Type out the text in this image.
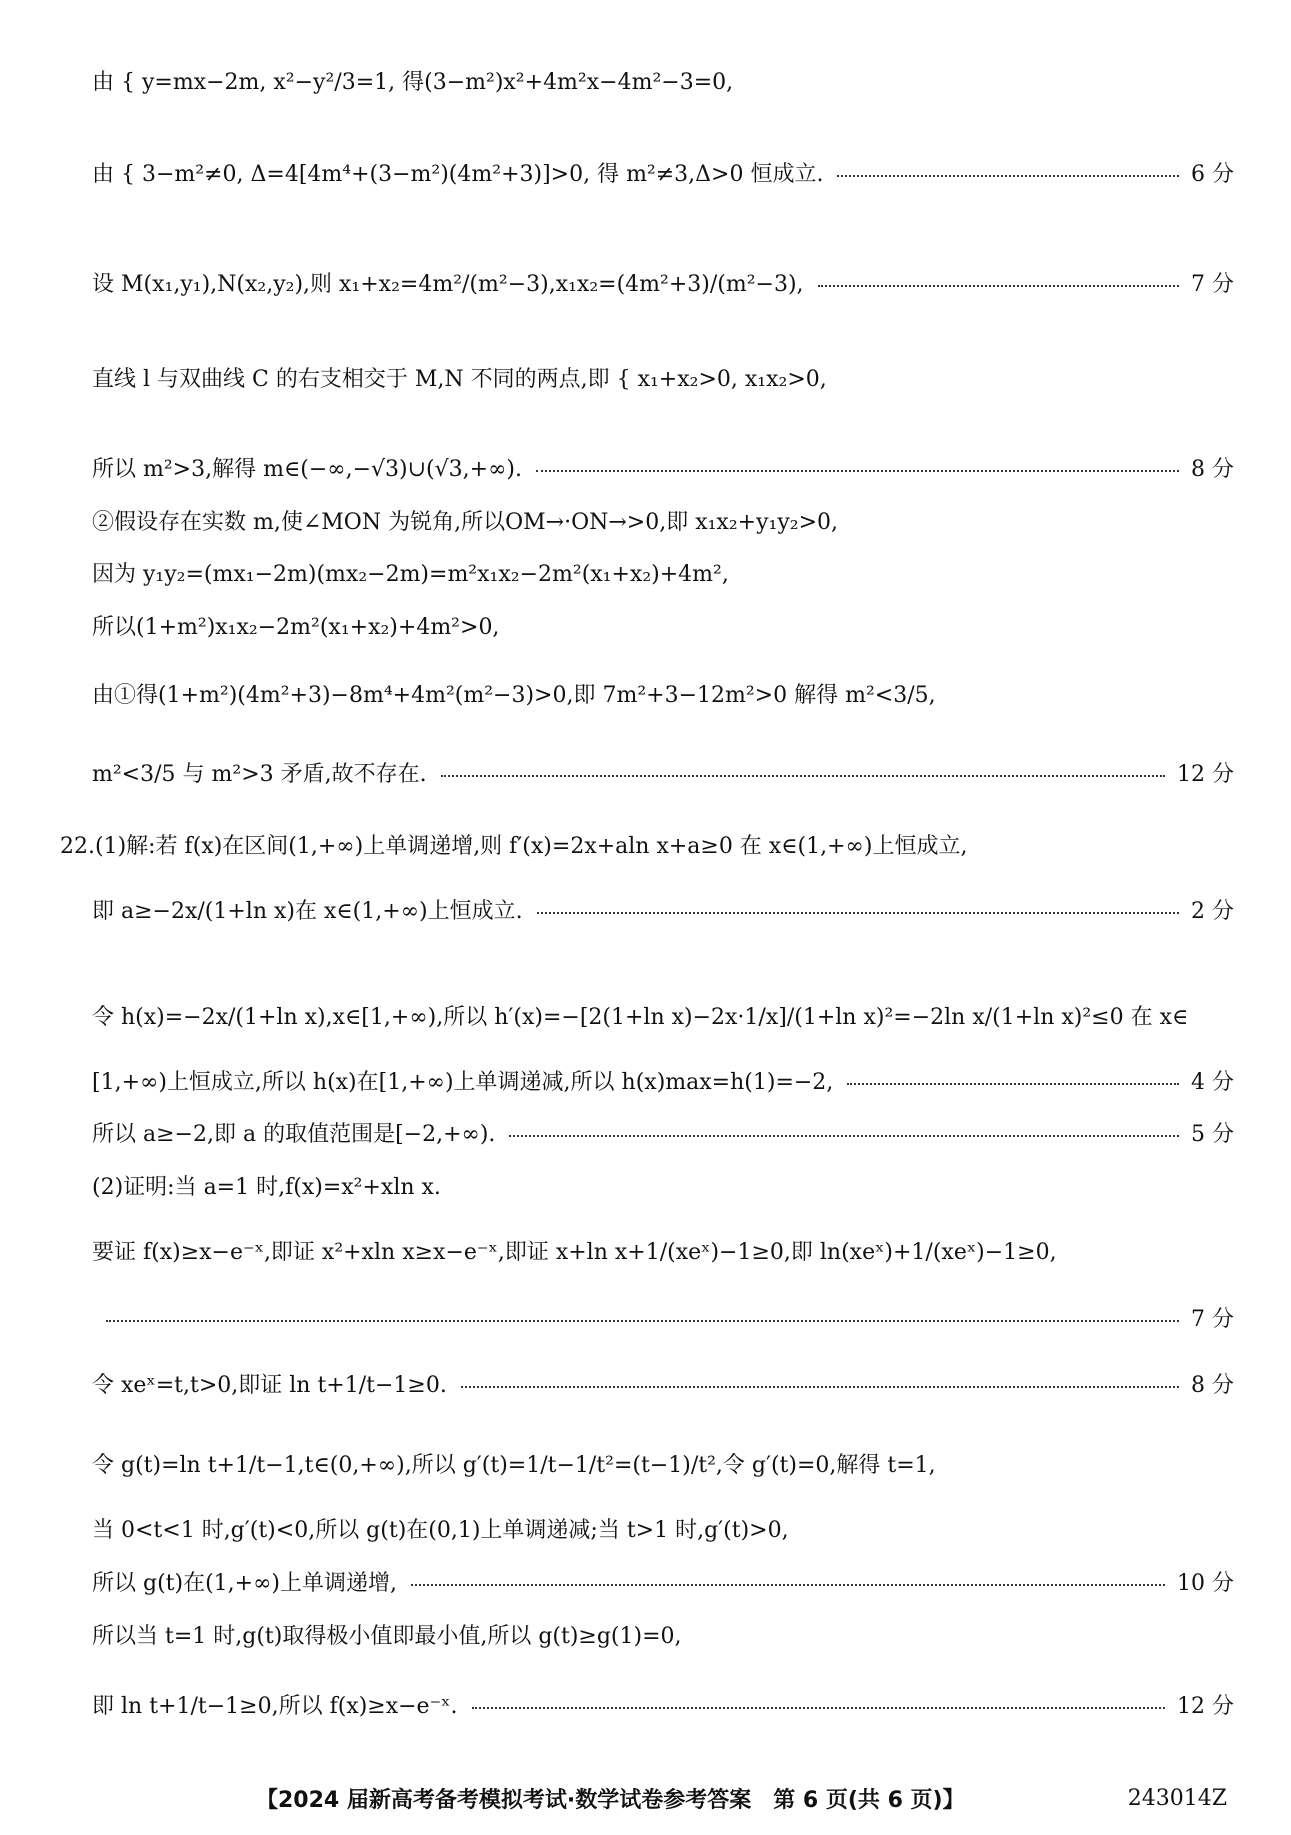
由 { y=mx−2m, x²−y²/3=1, 得(3−m²)x²+4m²x−4m²−3=0,
由 { 3−m²≠0, Δ=4[4m⁴+(3−m²)(4m²+3)]>0, 得 m²≠3,Δ>0 恒成立.	6 分
设 M(x₁,y₁),N(x₂,y₂),则 x₁+x₂=4m²/(m²−3),x₁x₂=(4m²+3)/(m²−3),	7 分
直线 l 与双曲线 C 的右支相交于 M,N 不同的两点,即 { x₁+x₂>0, x₁x₂>0,
所以 m²>3,解得 m∈(−∞,−√3)∪(√3,+∞).	8 分
②假设存在实数 m,使∠MON 为锐角,所以OM→·ON→>0,即 x₁x₂+y₁y₂>0,
因为 y₁y₂=(mx₁−2m)(mx₂−2m)=m²x₁x₂−2m²(x₁+x₂)+4m²,
所以(1+m²)x₁x₂−2m²(x₁+x₂)+4m²>0,
由①得(1+m²)(4m²+3)−8m⁴+4m²(m²−3)>0,即 7m²+3−12m²>0 解得 m²<3/5,
m²<3/5 与 m²>3 矛盾,故不存在.	12 分
22.(1)解:若 f(x)在区间(1,+∞)上单调递增,则 f′(x)=2x+aln x+a≥0 在 x∈(1,+∞)上恒成立,
即 a≥−2x/(1+ln x)在 x∈(1,+∞)上恒成立.	2 分
令 h(x)=−2x/(1+ln x),x∈[1,+∞),所以 h′(x)=−[2(1+ln x)−2x·1/x]/(1+ln x)²=−2ln x/(1+ln x)²≤0 在 x∈
[1,+∞)上恒成立,所以 h(x)在[1,+∞)上单调递减,所以 h(x)max=h(1)=−2,	4 分
所以 a≥−2,即 a 的取值范围是[−2,+∞).	5 分
(2)证明:当 a=1 时,f(x)=x²+xln x.
要证 f(x)≥x−e⁻ˣ,即证 x²+xln x≥x−e⁻ˣ,即证 x+ln x+1/(xeˣ)−1≥0,即 ln(xeˣ)+1/(xeˣ)−1≥0,
7 分
令 xeˣ=t,t>0,即证 ln t+1/t−1≥0.	8 分
令 g(t)=ln t+1/t−1,t∈(0,+∞),所以 g′(t)=1/t−1/t²=(t−1)/t²,令 g′(t)=0,解得 t=1,
当 0<t<1 时,g′(t)<0,所以 g(t)在(0,1)上单调递减;当 t>1 时,g′(t)>0,
所以 g(t)在(1,+∞)上单调递增,	10 分
所以当 t=1 时,g(t)取得极小值即最小值,所以 g(t)≥g(1)=0,
即 ln t+1/t−1≥0,所以 f(x)≥x−e⁻ˣ.	12 分
【2024 届新高考备考模拟考试·数学试卷参考答案　第 6 页(共 6 页)】	243014Z
